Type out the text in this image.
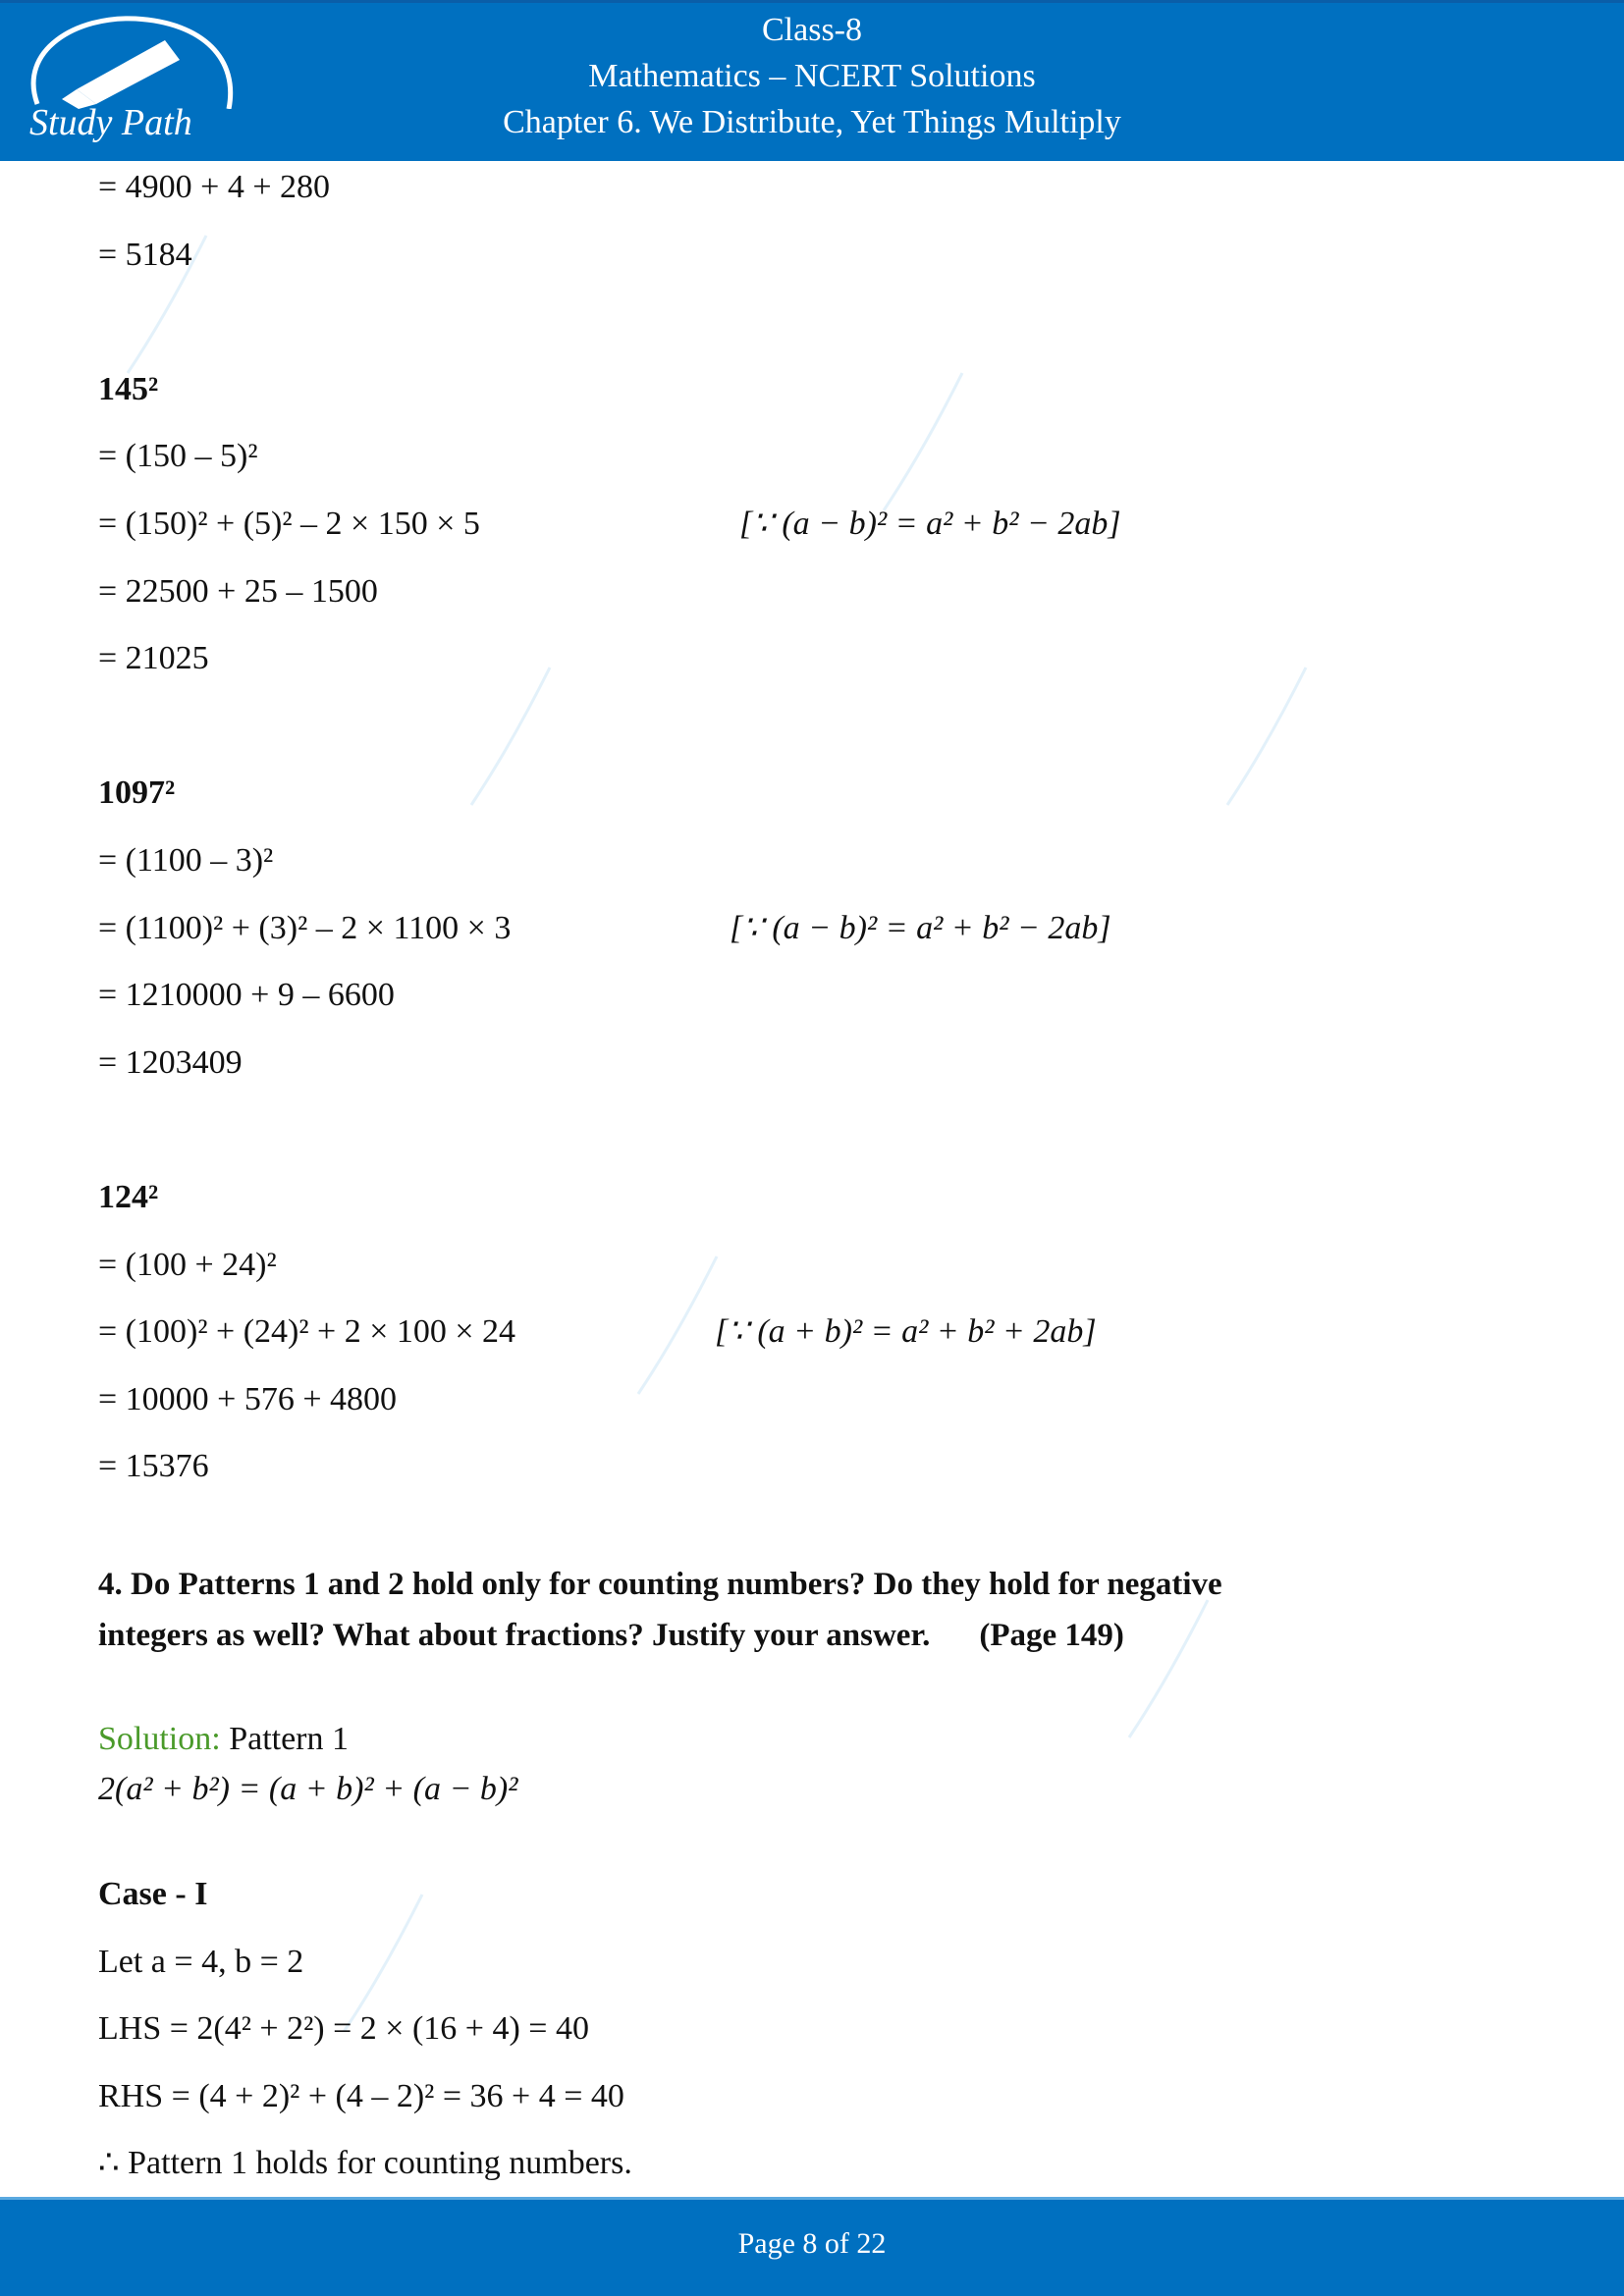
Study Path
Class-8
Mathematics – NCERT Solutions
Chapter 6. We Distribute, Yet Things Multiply
= 4900 + 4 + 280
= 5184
145²
= (150 – 5)²
= (150)² + (5)² – 2 × 150 × 5	[∵ (a − b)² = a² + b² − 2ab]
= 22500 + 25 – 1500
= 21025
1097²
= (1100 – 3)²
= (1100)² + (3)² – 2 × 1100 × 3	[∵ (a − b)² = a² + b² − 2ab]
= 1210000 + 9 – 6600
= 1203409
124²
= (100 + 24)²
= (100)² + (24)² + 2 × 100 × 24	[∵ (a + b)² = a² + b² + 2ab]
= 10000 + 576 + 4800
= 15376
4. Do Patterns 1 and 2 hold only for counting numbers? Do they hold for negative
integers as well? What about fractions? Justify your answer. (Page 149)
Solution: Pattern 1
2(a² + b²) = (a + b)² + (a − b)²
Case - I
Let a = 4, b = 2
LHS = 2(4² + 2²) = 2 × (16 + 4) = 40
RHS = (4 + 2)² + (4 – 2)² = 36 + 4 = 40
∴ Pattern 1 holds for counting numbers.
Page 8 of 22
